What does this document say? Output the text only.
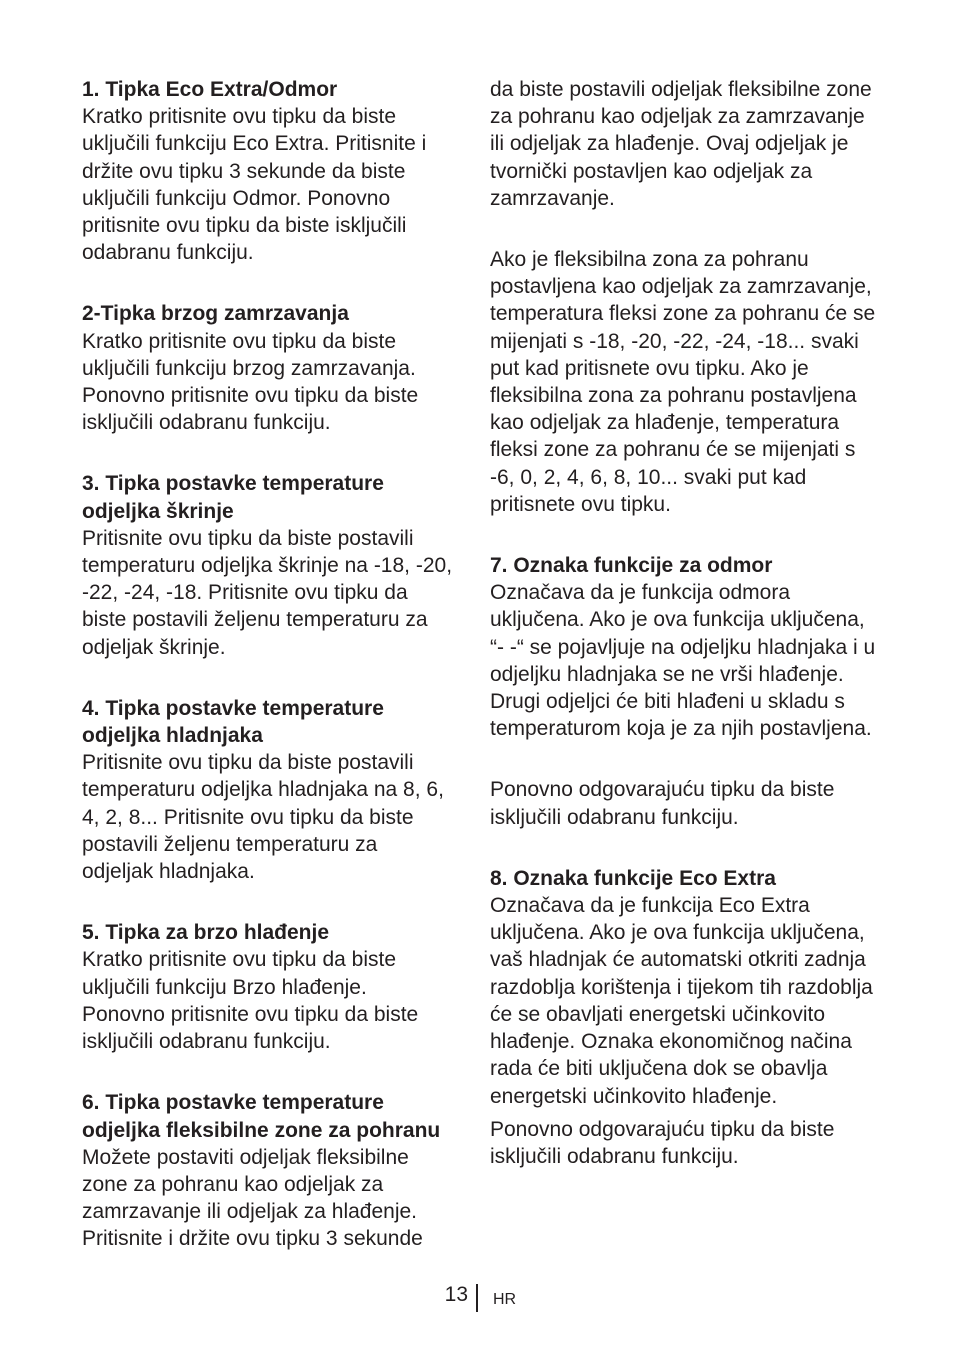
1. Tipka Eco Extra/Odmor

Kratko pritisnite ovu tipku da biste uključili funkciju Eco Extra. Pritisnite i držite ovu tipku 3 sekunde da biste uključili funkciju Odmor. Ponovno pritisnite ovu tipku da biste isključili odabranu funkciju.

2-Tipka brzog zamrzavanja

Kratko pritisnite ovu tipku da biste uključili funkciju brzog zamrzavanja. Ponovno pritisnite ovu tipku da biste isključili odabranu funkciju.

3. Tipka postavke temperature odjeljka škrinje

Pritisnite ovu tipku da biste postavili temperaturu odjeljka škrinje na -18, -20, -22, -24, -18. Pritisnite ovu tipku da biste postavili željenu temperaturu za odjeljak škrinje.

4. Tipka postavke temperature odjeljka hladnjaka

Pritisnite ovu tipku da biste postavili temperaturu odjeljka hladnjaka na 8, 6, 4, 2, 8... Pritisnite ovu tipku da biste postavili željenu temperaturu za odjeljak hladnjaka.

5. Tipka za brzo hlađenje

Kratko pritisnite ovu tipku da biste uključili funkciju Brzo hlađenje. Ponovno pritisnite ovu tipku da biste isključili odabranu funkciju.

6. Tipka postavke temperature odjeljka fleksibilne zone za pohranu

Možete postaviti odjeljak fleksibilne zone za pohranu kao odjeljak za zamrzavanje ili odjeljak za hlađenje. Pritisnite i držite ovu tipku 3 sekunde

da biste postavili odjeljak fleksibilne zone za pohranu kao odjeljak za zamrzavanje ili odjeljak za hlađenje. Ovaj odjeljak je tvornički postavljen kao odjeljak za zamrzavanje.

Ako je fleksibilna zona za pohranu postavljena kao odjeljak za zamrzavanje, temperatura fleksi zone za pohranu će se mijenjati s -18, -20, -22, -24, -18... svaki put kad pritisnete ovu tipku. Ako je fleksibilna zona za pohranu postavljena kao odjeljak za hlađenje, temperatura fleksi zone za pohranu će se mijenjati s -6, 0, 2, 4, 6, 8, 10... svaki put kad pritisnete ovu tipku.

7. Oznaka funkcije za odmor

Označava da je funkcija odmora uključena. Ako je ova funkcija uključena, “- -“ se pojavljuje na odjeljku hladnjaka i u odjeljku hladnjaka se ne vrši hlađenje. Drugi odjeljci će biti hlađeni u skladu s temperaturom koja je za njih postavljena.

Ponovno odgovarajuću tipku da biste isključili odabranu funkciju.

8. Oznaka funkcije Eco Extra

Označava da je funkcija Eco Extra uključena. Ako je ova funkcija uključena, vaš hladnjak će automatski otkriti zadnja razdoblja korištenja i tijekom tih razdoblja će se obavljati energetski učinkovito hlađenje. Oznaka ekonomičnog načina rada će biti uključena dok se obavlja energetski učinkovito hlađenje.

Ponovno odgovarajuću tipku da biste isključili odabranu funkciju.

13 HR
